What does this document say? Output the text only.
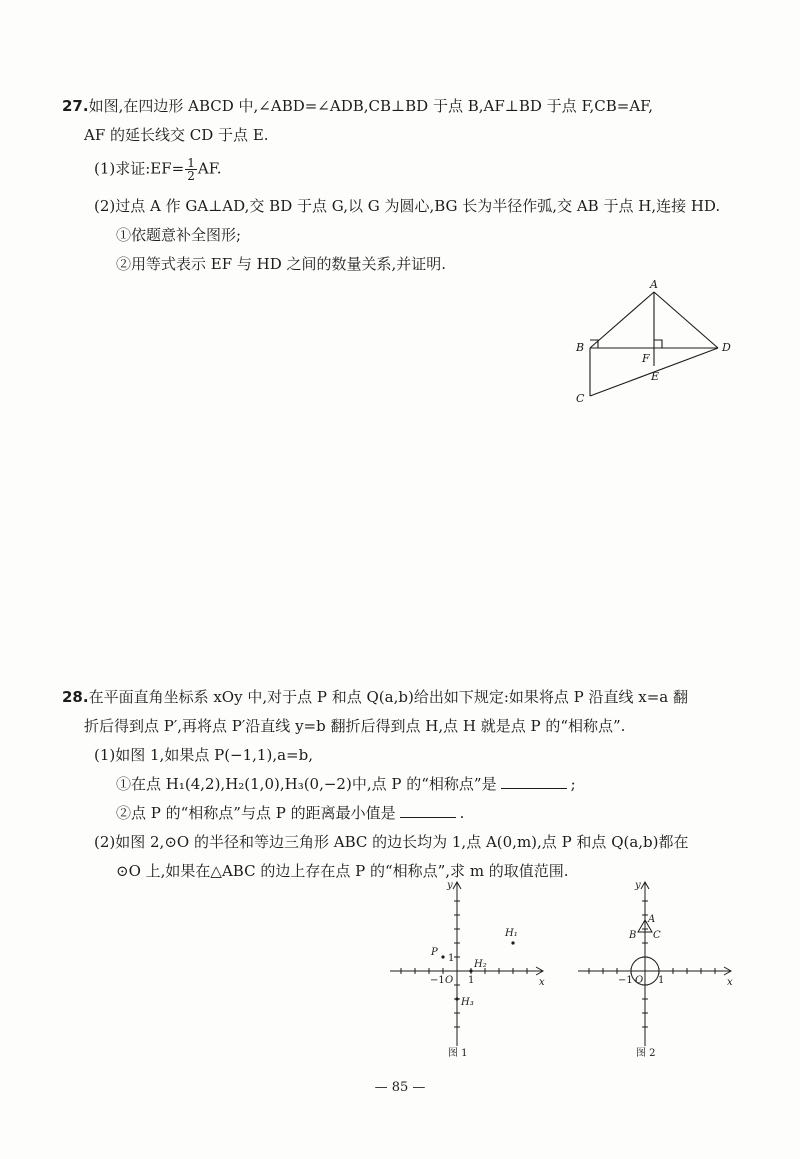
27.如图,在四边形 ABCD 中,∠ABD=∠ADB,CB⊥BD 于点 B,AF⊥BD 于点 F,CB=AF,
AF 的延长线交 CD 于点 E.
(1)求证:EF= $\frac{1}{2}$ AF.
(2)过点 A 作 GA⊥AD,交 BD 于点 G,以 G 为圆心,BG 长为半径作弧,交 AB 于点 H,连接 HD.
①依题意补全图形;
②用等式表示 EF 与 HD 之间的数量关系,并证明.
A
B
C
D
E
F
28.在平面直角坐标系 xOy 中,对于点 P 和点 Q(a,b)给出如下规定:如果将点 P 沿直线 x=a 翻
折后得到点 P′,再将点 P′沿直线 y=b 翻折后得到点 H,点 H 就是点 P 的“相称点”.
(1)如图 1,如果点 P(−1,1),a=b,
①在点 H₁(4,2),H₂(1,0),H₃(0,−2)中,点 P 的“相称点”是	;
②点 P 的“相称点”与点 P 的距离最小值是	.
(2)如图 2,⊙O 的半径和等边三角形 ABC 的边长均为 1,点 A(0,m),点 P 和点 Q(a,b)都在
⊙O 上,如果在△ABC 的边上存在点 P 的“相称点”,求 m 的取值范围.
P
H₁
H₂
H₃
x
y
O
−1 1
1
图 1
A
B C
x
y
O
−1	1
图 2
— 85 —
